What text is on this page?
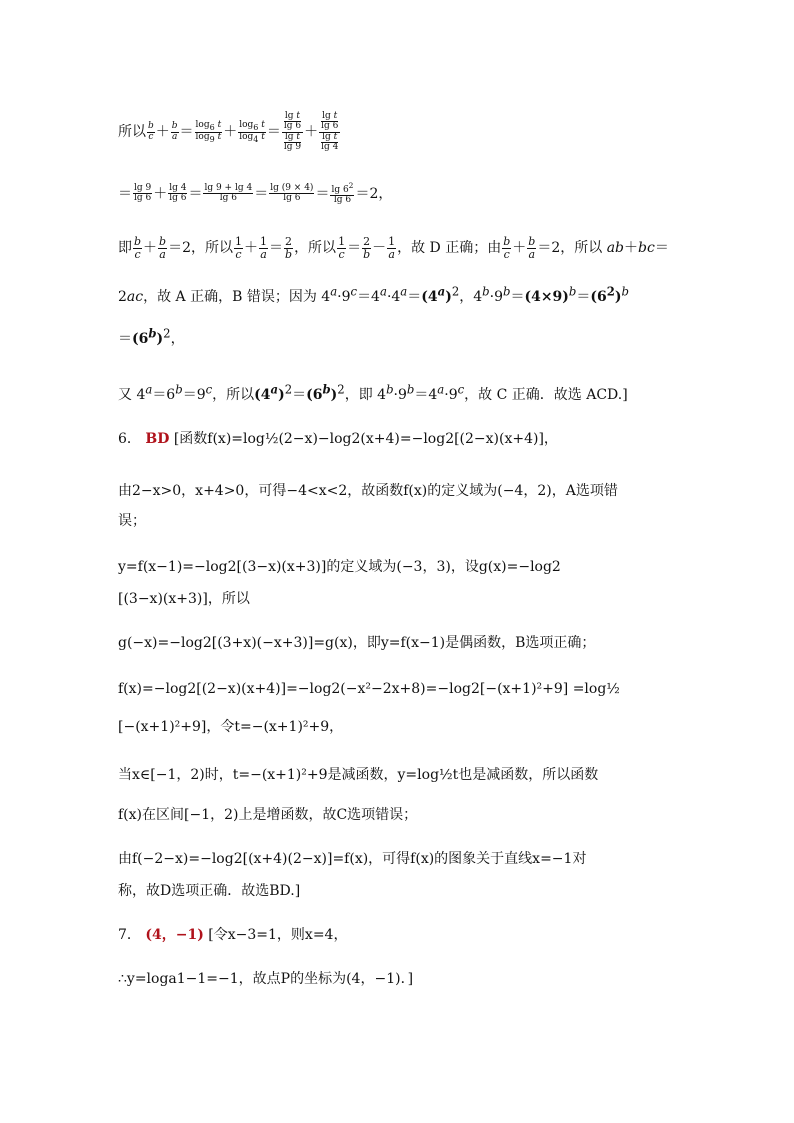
所以 $\frac{b}{c} + \frac{b}{a} = \frac{\log_6 t}{\log_9 t} + \frac{\log_6 t}{\log_4 t} = \frac{\frac{\text{lg t}}{\lg 6}}{\frac{\text{lg t}}{\lg 9}} + \frac{\frac{\text{lg t}}{\lg 6}}{\frac{\text{lg t}}{\lg 4}}$
＝ $\frac{\lg 9}{\lg 6} + \frac{\lg 4}{\lg 6} = \frac{\lg 9 + \lg 4}{\lg 6} = \frac{\lg (9 \times 4)}{\lg 6} = \frac{\lg 6^2}{\lg 6} =2$，
即 $\frac{b}{c} + \frac{b}{a} =2$，所以 $\frac{1}{c} + \frac{1}{a} = \frac{2}{b}$ ，所以 $\frac{1}{c} = \frac{2}{b} - \frac{1}{a}$ ，故 D 正确；由 $\frac{b}{c} + \frac{b}{a} =2$，所以 ab＋bc＝
2ac，故 A 正确，B 错误；因为 $4^a\cdot 9^c=4^a\cdot 4^a=(4^a)^2$，$4^b\cdot 9^b=(4\times 9)^b=(6^2)^b$
$=(6^b)^2$，
又 $4^a=6^b=9^c$，所以$(4^a)^2=(6^b)^2$，即 $4^b\cdot 9^b=4^a\cdot 9^c$，故 C 正确．故选 ACD.]
6． BD [函数f(x)=log½(2−x)−log2(x+4)=−log2[(2−x)(x+4)]，
由2−x>0，x+4>0，可得−4<x<2，故函数f(x)的定义域为(−4，2)，A选项错
误；
y=f(x−1)=−log2[(3−x)(x+3)]的定义域为(−3，3)，设g(x)=−log2
[(3−x)(x+3)]，所以
g(−x)=−log2[(3+x)(−x+3)]=g(x)，即y=f(x−1)是偶函数，B选项正确；
f(x)=−log2[(2−x)(x+4)]=−log2(−x²−2x+8)=−log2[−(x+1)²+9] =log½
[−(x+1)²+9]，令t=−(x+1)²+9，
当x∈[−1，2)时，t=−(x+1)²+9是减函数，y=log½t也是减函数，所以函数
f(x)在区间[−1，2)上是增函数，故C选项错误；
由f(−2−x)=−log2[(x+4)(2−x)]=f(x)，可得f(x)的图象关于直线x=−1对
称，故D选项正确．故选BD.]
7． (4，−1) [令x−3=1，则x=4，
∴y=loga1−1=−1，故点P的坐标为(4，−1)．]
